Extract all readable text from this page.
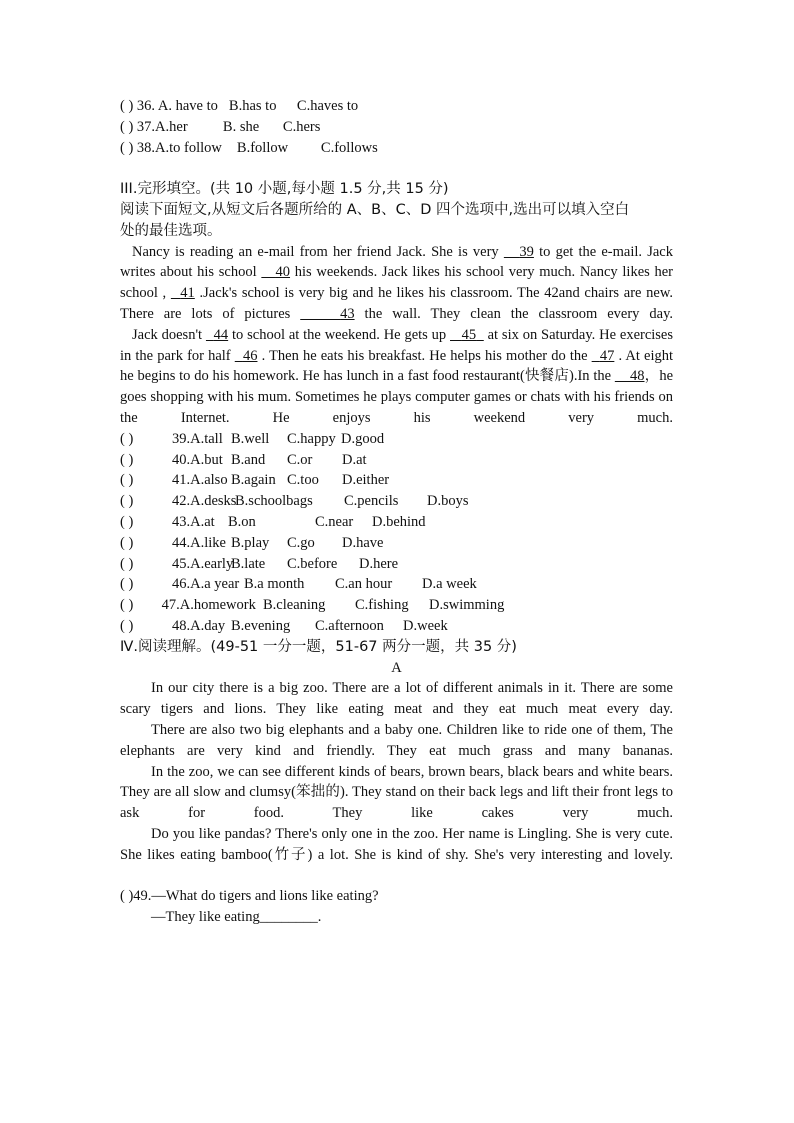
( ) 36. A. have to B.has to C.haves to
( ) 37.A.her B. she C.hers
( ) 38.A.to follow B.follow C.follows
III.完形填空。(共 10 小题,每小题 1.5 分,共 15 分)
阅读下面短文,从短文后各题所给的 A、B、C、D 四个选项中,选出可以填入空白
处的最佳选项。

Nancy is reading an e-mail from her friend Jack. She is very    39 to get the e-mail. Jack writes about his school    40 his weekends. Jack likes his school very much. Nancy likes her school ,   41 .Jack's school is very big and he likes his classroom. The 42and chairs are new. There are lots of pictures	43 the wall. They clean the classroom every day.

Jack doesn't   44 to school at the weekend. He gets up    45   at six on Saturday. He exercises in the park for half   46 . Then he eats his breakfast. He helps his mother do the   47 . At eight he begins to do his homework. He has lunch in a fast food restaurant(快餐店).In the     48，he goes shopping with his mum. Sometimes he plays computer games or chats with his friends on the Internet. He enjoys his weekend very much.

( )	39.A.tall B.well C.happy D.good
( )	40.A.but B.and C.or D.at
( )	41.A.also B.again C.too D.either
( )	42.A.desksB.schoolbags C.pencils D.boys
( )	43.A.at B.on	C.near D.behind
( )	44.A.like B.play C.go D.have
( )	45.A.earlyB.late C.before D.here
( )	46.A.a year B.a month C.an hour D.a week
( ) 47.A.homework B.cleaning C.fishing D.swimming
( )	48.A.day B.evening C.afternoon D.week
Ⅳ.阅读理解。(49-51 一分一题，51-67 两分一题，共 35 分)
A

In our city there is a big zoo. There are a lot of different animals in it. There are some scary tigers and lions. They like eating meat and they eat much meat every day.

There are also two big elephants and a baby one. Children like to ride one of them, The elephants are very kind and friendly. They eat much grass and many bananas.

In the zoo, we can see different kinds of bears, brown bears, black bears and white bears. They are all slow and clumsy(笨拙的). They stand on their back legs and lift their front legs to ask for food. They like cakes very much.

Do you like pandas? There's only one in the zoo. Her name is Lingling. She is very cute. She likes eating bamboo(竹子) a lot. She is kind of shy. She's very interesting and lovely.

( )49.—What do tigers and lions like eating?
—They like eating________.
